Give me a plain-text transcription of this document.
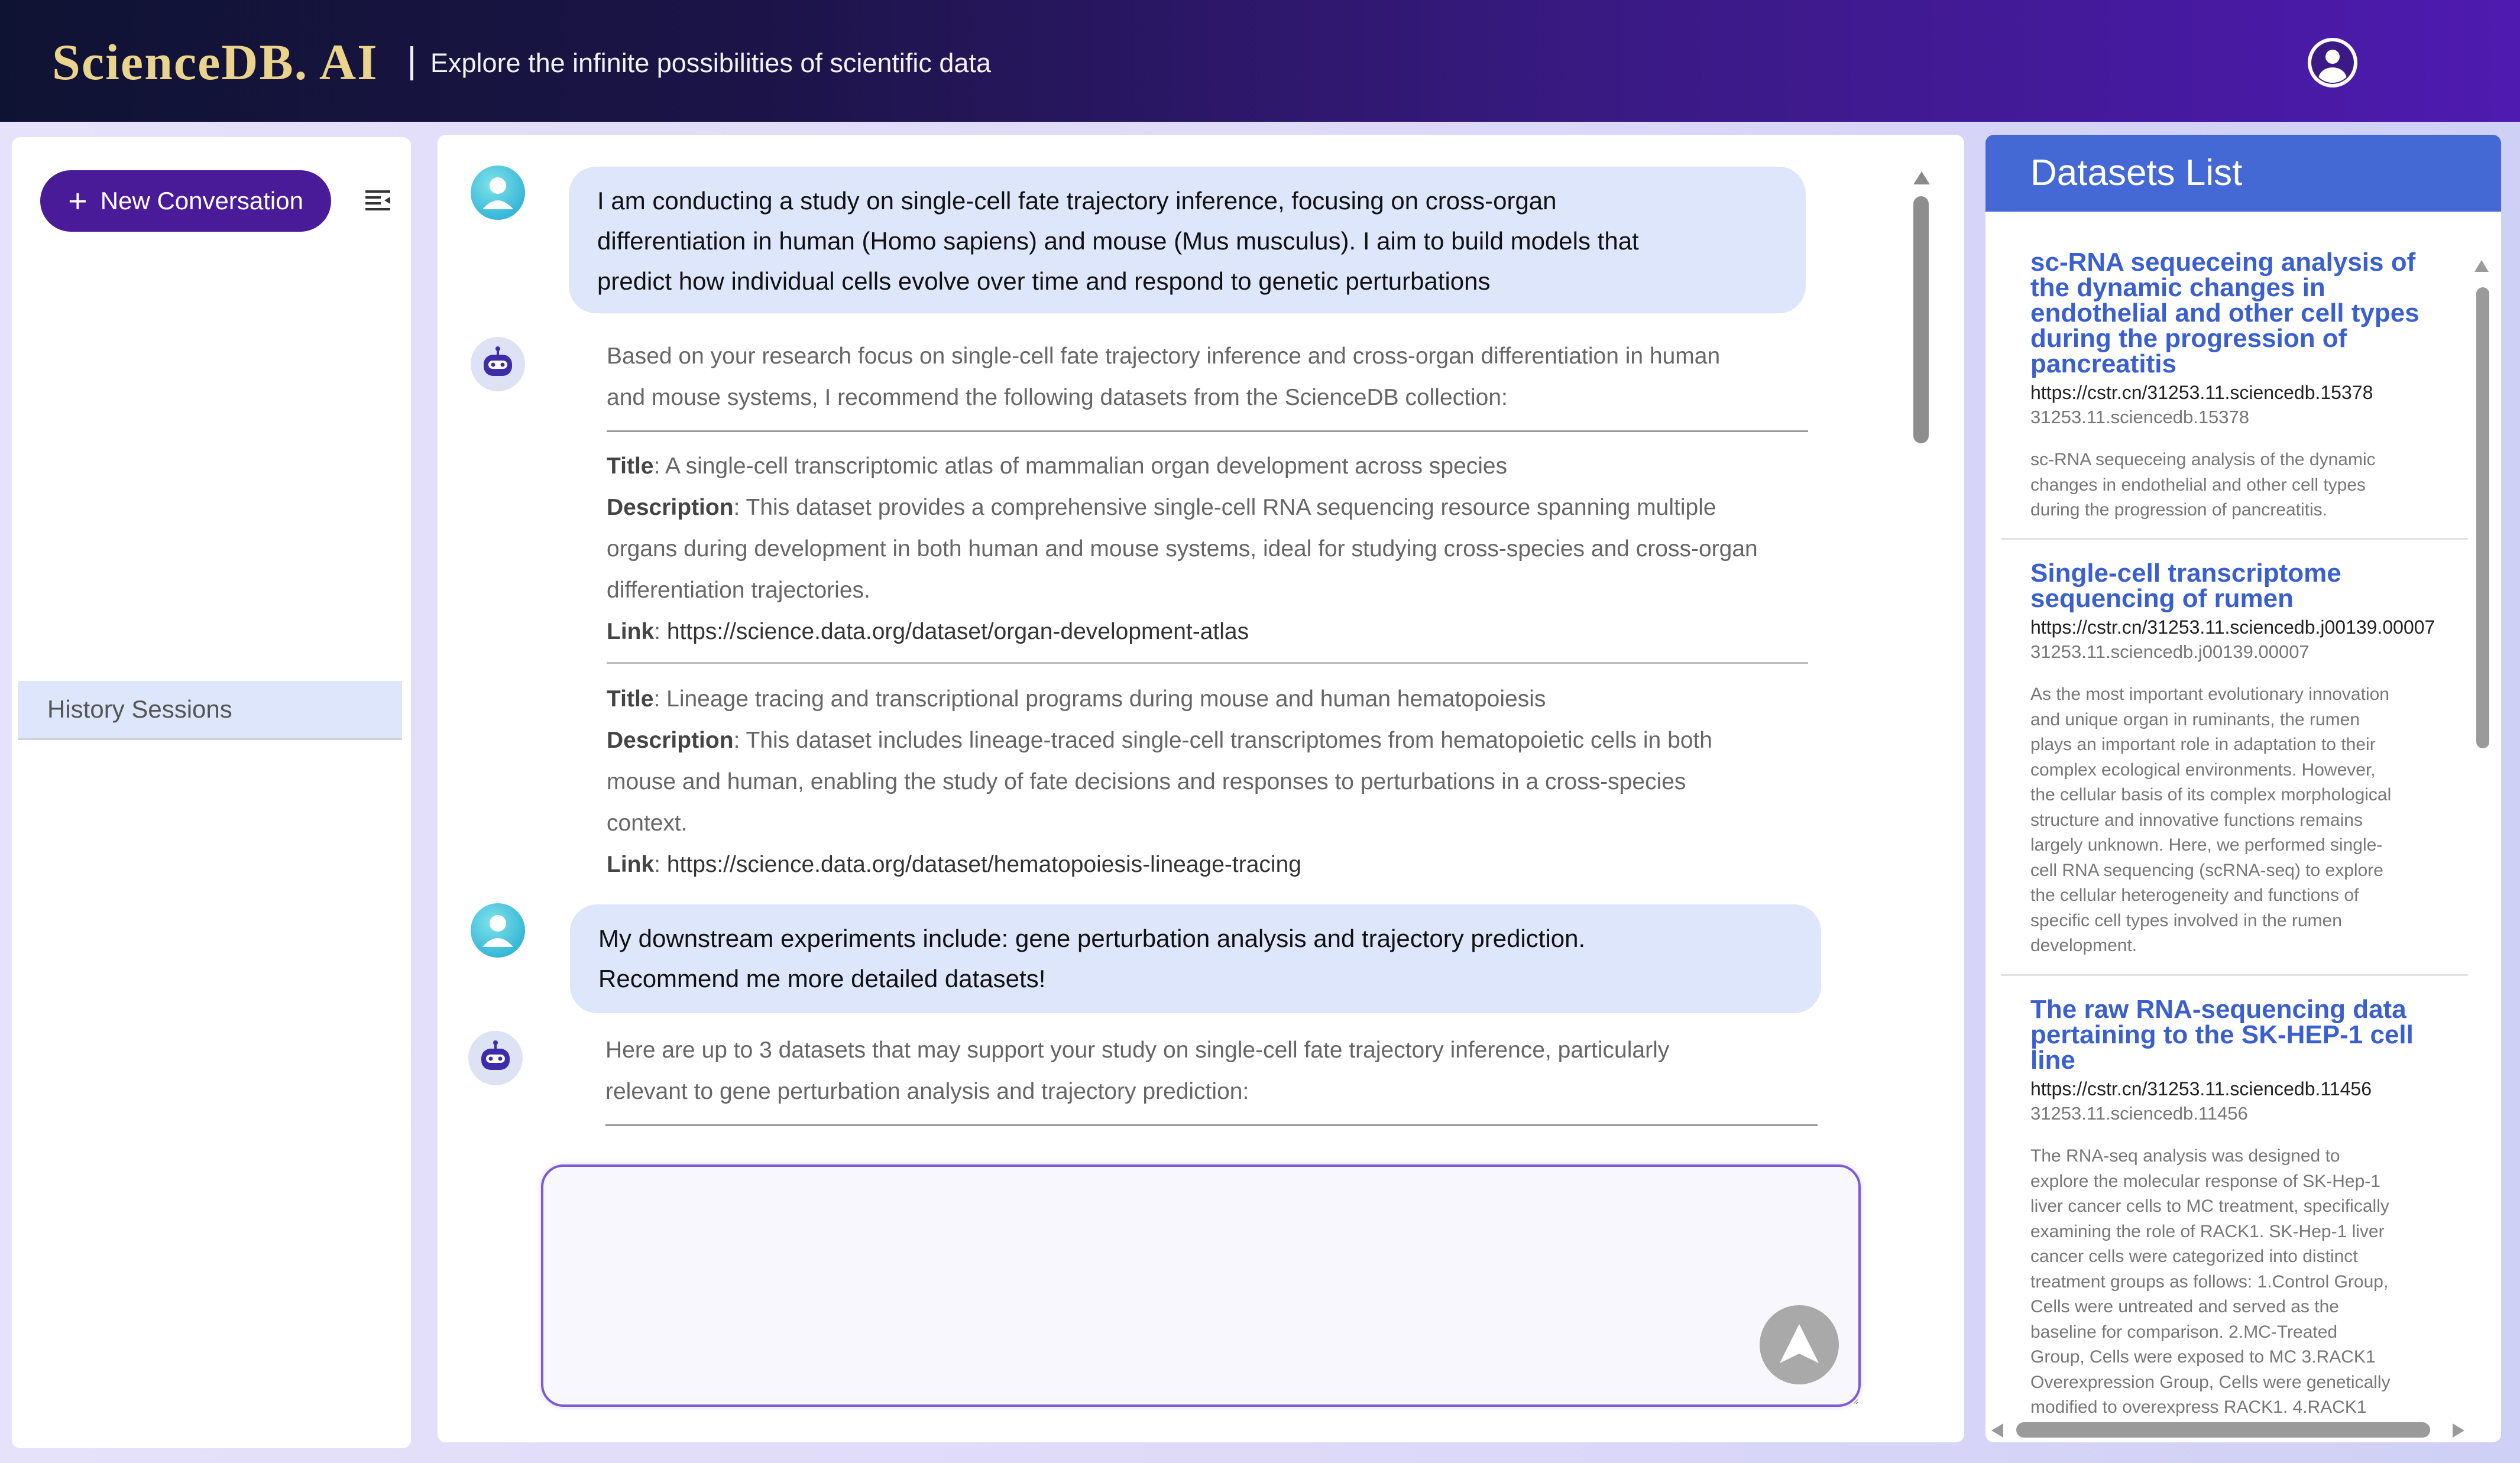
ScienceDB. AI Explore the infinite possibilities of scientific data
+ New Conversation
History Sessions
I am conducting a study on single-cell fate trajectory inference, focusing on cross-organ
differentiation in human (Homo sapiens) and mouse (Mus musculus). I aim to build models that
predict how individual cells evolve over time and respond to genetic perturbations
Based on your research focus on single-cell fate trajectory inference and cross-organ differentiation in human
and mouse systems, I recommend the following datasets from the ScienceDB collection:
Title: A single-cell transcriptomic atlas of mammalian organ development across species
Description: This dataset provides a comprehensive single-cell RNA sequencing resource spanning multiple
organs during development in both human and mouse systems, ideal for studying cross-species and cross-organ
differentiation trajectories.
Link: https://science.data.org/dataset/organ-development-atlas
Title: Lineage tracing and transcriptional programs during mouse and human hematopoiesis
Description: This dataset includes lineage-traced single-cell transcriptomes from hematopoietic cells in both
mouse and human, enabling the study of fate decisions and responses to perturbations in a cross-species
context.
Link: https://science.data.org/dataset/hematopoiesis-lineage-tracing
My downstream experiments include: gene perturbation analysis and trajectory prediction.
Recommend me more detailed datasets!
Here are up to 3 datasets that may support your study on single-cell fate trajectory inference, particularly
relevant to gene perturbation analysis and trajectory prediction:
Datasets List
sc-RNA sequeceing analysis of
the dynamic changes in
endothelial and other cell types
during the progression of
pancreatitis
https://cstr.cn/31253.11.sciencedb.15378
31253.11.sciencedb.15378
sc-RNA sequeceing analysis of the dynamic
changes in endothelial and other cell types
during the progression of pancreatitis.
Single-cell transcriptome
sequencing of rumen
https://cstr.cn/31253.11.sciencedb.j00139.00007
31253.11.sciencedb.j00139.00007
As the most important evolutionary innovation
and unique organ in ruminants, the rumen
plays an important role in adaptation to their
complex ecological environments. However,
the cellular basis of its complex morphological
structure and innovative functions remains
largely unknown. Here, we performed single-
cell RNA sequencing (scRNA-seq) to explore
the cellular heterogeneity and functions of
specific cell types involved in the rumen
development.
The raw RNA-sequencing data
pertaining to the SK-HEP-1 cell
line
https://cstr.cn/31253.11.sciencedb.11456
31253.11.sciencedb.11456
The RNA-seq analysis was designed to
explore the molecular response of SK-Hep-1
liver cancer cells to MC treatment, specifically
examining the role of RACK1. SK-Hep-1 liver
cancer cells were categorized into distinct
treatment groups as follows: 1.Control Group,
Cells were untreated and served as the
baseline for comparison. 2.MC-Treated
Group, Cells were exposed to MC 3.RACK1
Overexpression Group, Cells were genetically
modified to overexpress RACK1. 4.RACK1
